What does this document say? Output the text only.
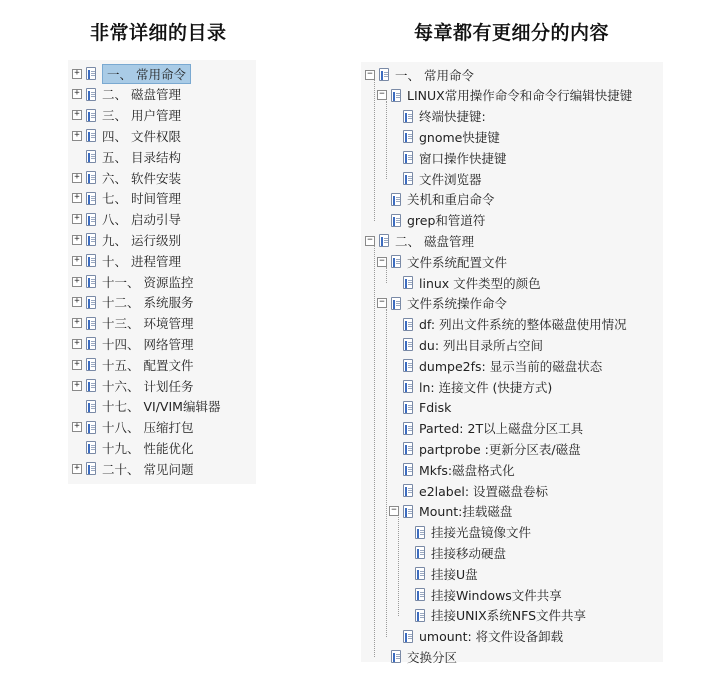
非常详细的目录	每章都有更细分的内容
+	一、 常用命令
+ 二、 磁盘管理
+ 三、 用户管理
+ 四、 文件权限
五、 目录结构
+ 六、 软件安装
+ 七、 时间管理
+ 八、 启动引导
+ 九、 运行级别
+ 十、 进程管理
+ 十一、 资源监控
+ 十二、 系统服务
+ 十三、 环境管理
+ 十四、 网络管理
+ 十五、 配置文件
+ 十六、 计划任务
十七、 VI/VIM编辑器
+ 十八、 压缩打包
十九、 性能优化
+ 二十、 常见问题
− 一、 常用命令
− LINUX常用操作命令和命令行编辑快捷键
终端快捷键:
gnome快捷键
窗口操作快捷键
文件浏览器
关机和重启命令
grep和管道符
− 二、 磁盘管理
− 文件系统配置文件
linux 文件类型的颜色
− 文件系统操作命令
df: 列出文件系统的整体磁盘使用情况
du: 列出目录所占空间
dumpe2fs: 显示当前的磁盘状态
ln: 连接文件 (快捷方式)
Fdisk
Parted: 2T以上磁盘分区工具
partprobe :更新分区表/磁盘
Mkfs:磁盘格式化
e2label: 设置磁盘卷标
− Mount:挂载磁盘
挂接光盘镜像文件
挂接移动硬盘
挂接U盘
挂接Windows文件共享
挂接UNIX系统NFS文件共享
umount: 将文件设备卸载
交换分区
